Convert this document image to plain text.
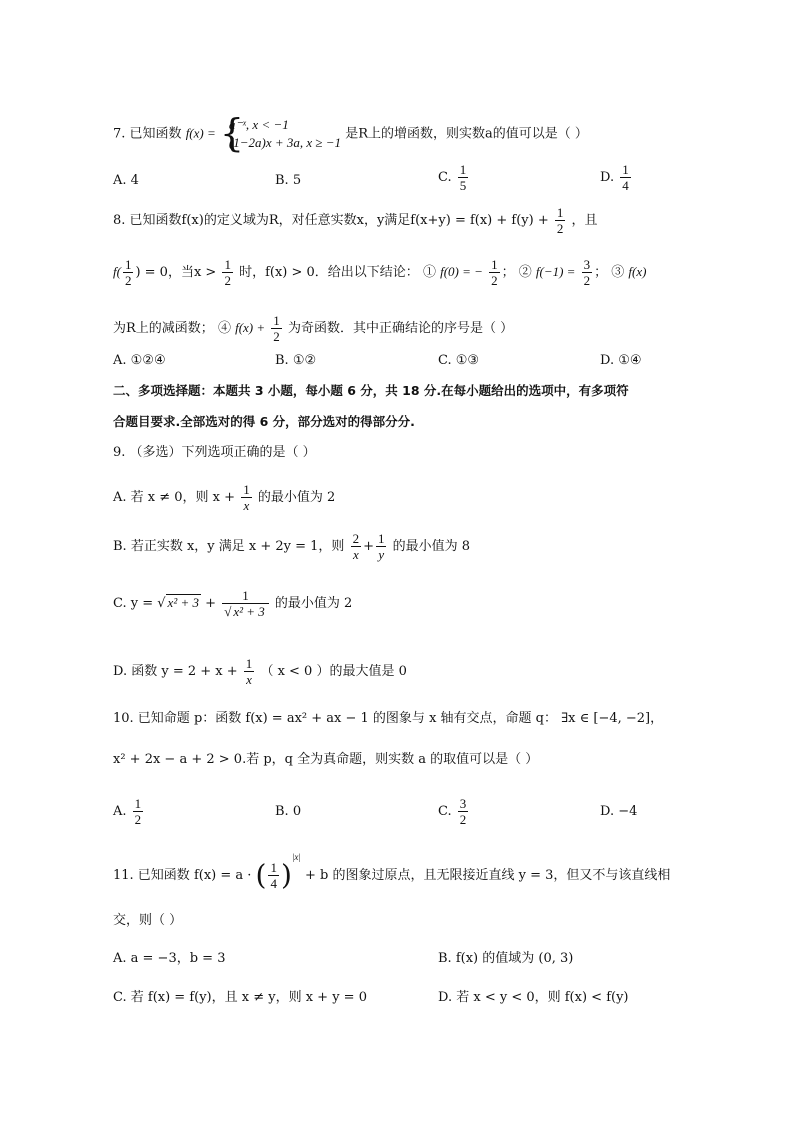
7. 已知函数 f(x) = {
a⁻ˣ, x < −1
(1−2a)x + 3a, x ≥ −1
是R上的增函数，则实数a的值可以是（ ）
A. 4	B. 5	C. $\frac{1}{5}$	D. $\frac{1}{4}$
8. 已知函数f(x)的定义域为R，对任意实数x，y满足$f(x+y) = f(x) + f(y) + \frac{1}{2}$ ，且
$f( \frac{1}{2}$ ) = 0，当$x > \frac{1}{2}$ 时，f(x) > 0．给出以下结论： ① f(0) = − $\frac{1}{2}$ ； ② $f(-1) = \frac{3}{2}$ ； ③ f(x)
为R上的减函数； ④ $f(x) + \frac{1}{2}$ 为奇函数．其中正确结论的序号是（ ）
A. ①②④	B. ①②	C. ①③	D. ①④
二、多项选择题：本题共 3 小题，每小题 6 分，共 18 分.在每小题给出的选项中，有多项符
合题目要求.全部选对的得 6 分，部分选对的得部分分.
9. （多选）下列选项正确的是（ ）
A. 若 x ≠ 0，则 $x + \frac{1}{x}$ 的最小值为 2
B. 若正实数 x，y 满足 x + 2y = 1，则 $\frac{2}{x} + \frac{1}{y}$ 的最小值为 8
C. y = √ $x^2 + 3 + \frac{1}{\text{√ x² + 3}}$ 的最小值为 2
D. 函数 $y = 2 + x + \frac{1}{x}$ （ x < 0 ）的最大值是 0
10. 已知命题 p：函数 f(x) = ax² + ax − 1 的图象与 x 轴有交点，命题 q： ∃x ∈ [−4, −2]，
x² + 2x − a + 2 > 0.若 p，q 全为真命题，则实数 a 的取值可以是（ ）
A. $\frac{1}{2}$	B. 0	C. $\frac{3}{2}$	D. −4
11. 已知函数 f(x) = a · ( $\frac{1}{4} )^{|x|} + b$ 的图象过原点，且无限接近直线 y = 3，但又不与该直线相
交，则（ ）
A. a = −3，b = 3	B. f(x) 的值域为 (0, 3)
C. 若 f(x) = f(y)，且 x ≠ y，则 x + y = 0	D. 若 x < y < 0，则 f(x) < f(y)
